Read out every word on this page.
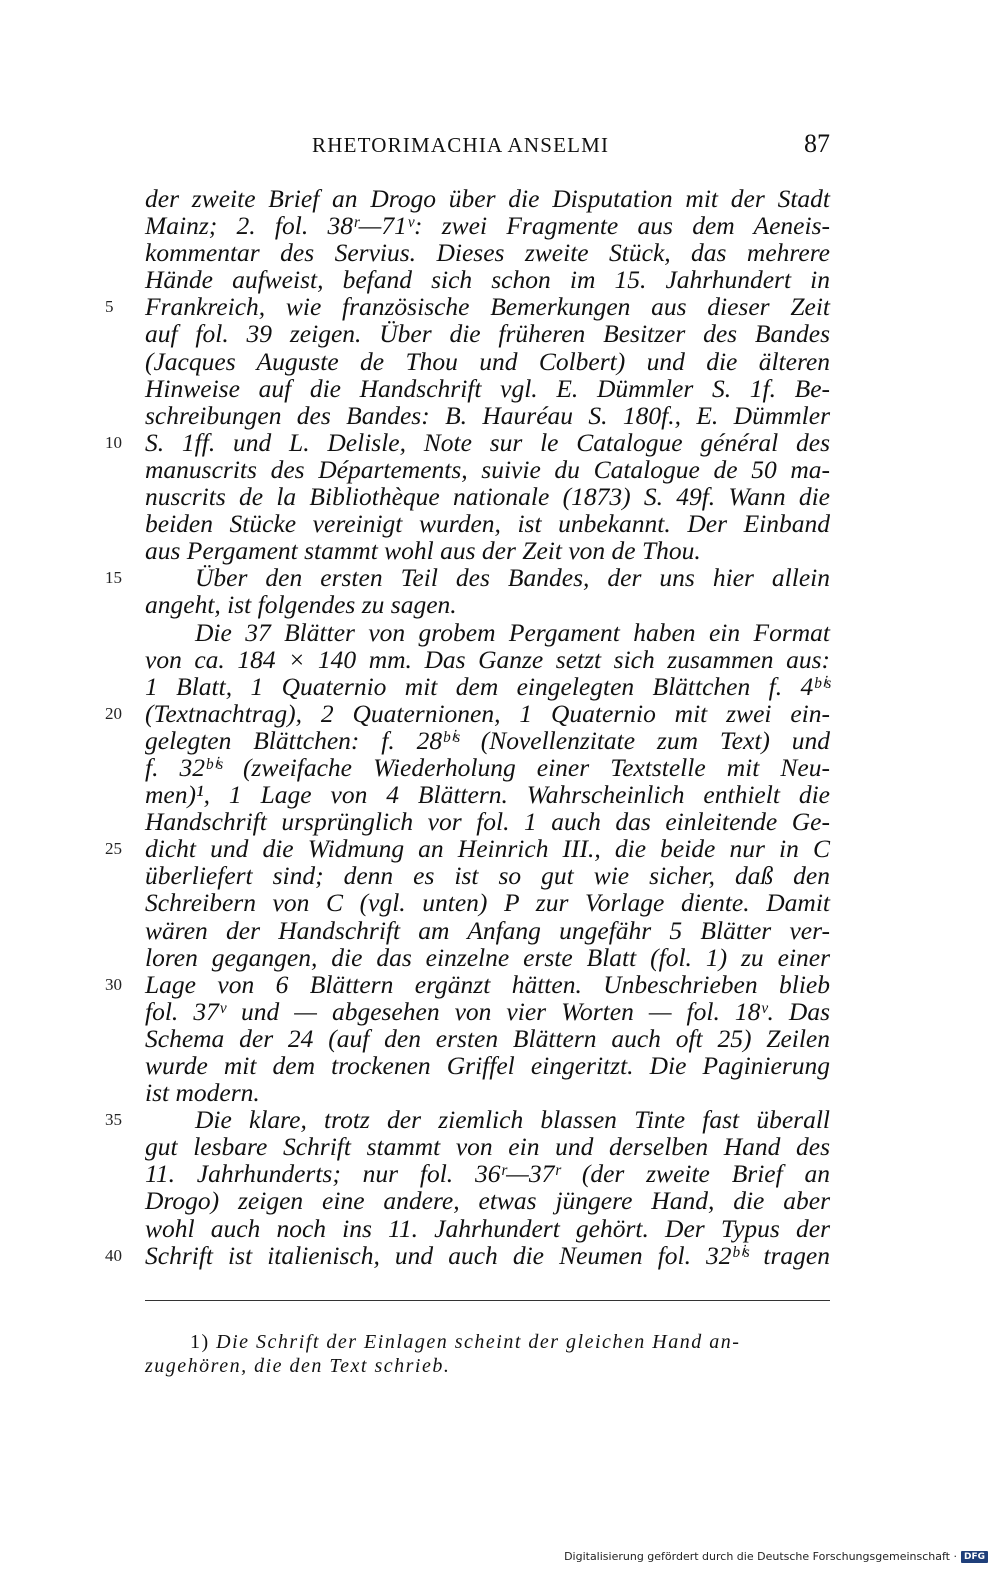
RHETORIMACHIA ANSELMI	87
der zweite Brief an Drogo über die Disputation mit der Stadt
Mainz; 2. fol. 38ʳ—71ᵛ: zwei Fragmente aus dem Aeneis-
kommentar des Servius. Dieses zweite Stück, das mehrere
Hände aufweist, befand sich schon im 15. Jahrhundert in
5 Frankreich, wie französische Bemerkungen aus dieser Zeit
auf fol. 39 zeigen. Über die früheren Besitzer des Bandes
(Jacques Auguste de Thou und Colbert) und die älteren
Hinweise auf die Handschrift vgl. E. Dümmler S. 1f. Be-
schreibungen des Bandes: B. Hauréau S. 180f., E. Dümmler
10 S. 1ff. und L. Delisle, Note sur le Catalogue général des
manuscrits des Départements, suivie du Catalogue de 50 ma-
nuscrits de la Bibliothèque nationale (1873) S. 49f. Wann die
beiden Stücke vereinigt wurden, ist unbekannt. Der Einband
aus Pergament stammt wohl aus der Zeit von de Thou.
15	Über den ersten Teil des Bandes, der uns hier allein
angeht, ist folgendes zu sagen.
Die 37 Blätter von grobem Pergament haben ein Format
von ca. 184 × 140 mm. Das Ganze setzt sich zusammen aus:
1 Blatt, 1 Quaternio mit dem eingelegten Blättchen f. 4ᵇⁱˢ
20 (Textnachtrag), 2 Quaternionen, 1 Quaternio mit zwei ein-
gelegten Blättchen: f. 28ᵇⁱˢ (Novellenzitate zum Text) und
f. 32ᵇⁱˢ (zweifache Wiederholung einer Textstelle mit Neu-
men)¹, 1 Lage von 4 Blättern. Wahrscheinlich enthielt die
Handschrift ursprünglich vor fol. 1 auch das einleitende Ge-
25 dicht und die Widmung an Heinrich III., die beide nur in C
überliefert sind; denn es ist so gut wie sicher, daß den
Schreibern von C (vgl. unten) P zur Vorlage diente. Damit
wären der Handschrift am Anfang ungefähr 5 Blätter ver-
loren gegangen, die das einzelne erste Blatt (fol. 1) zu einer
30 Lage von 6 Blättern ergänzt hätten. Unbeschrieben blieb
fol. 37ᵛ und — abgesehen von vier Worten — fol. 18ᵛ. Das
Schema der 24 (auf den ersten Blättern auch oft 25) Zeilen
wurde mit dem trockenen Griffel eingeritzt. Die Paginierung
ist modern.
35	Die klare, trotz der ziemlich blassen Tinte fast überall
gut lesbare Schrift stammt von ein und derselben Hand des
11. Jahrhunderts; nur fol. 36ʳ—37ʳ (der zweite Brief an
Drogo) zeigen eine andere, etwas jüngere Hand, die aber
wohl auch noch ins 11. Jahrhundert gehört. Der Typus der
40 Schrift ist italienisch, und auch die Neumen fol. 32ᵇⁱˢ tragen
1) Die Schrift der Einlagen scheint der gleichen Hand an-
zugehören, die den Text schrieb.
Digitalisierung gefördert durch die Deutsche Forschungsgemeinschaft · DFG
